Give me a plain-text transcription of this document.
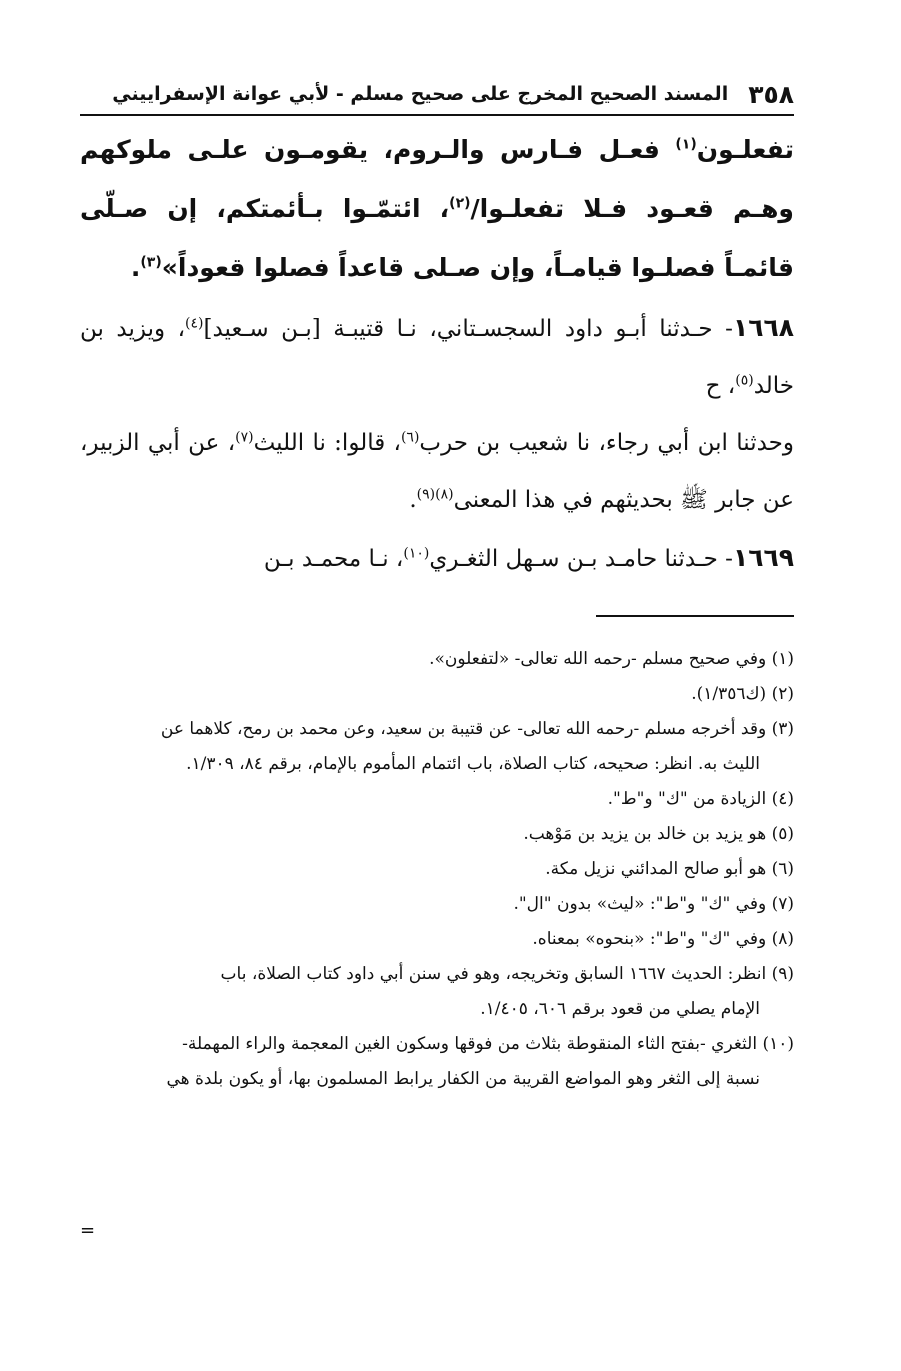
٣٥٨
المسند الصحيح المخرج على صحيح مسلم - لأبي عوانة الإسفراييني

تفعلـون$^{(١)}$ فعـل فـارس والـروم، يقومـون علـى ملوكهم وهـم قعـود فـلا تفعلـوا/$^{(٢)}$، ائتمّـوا بـأئمتكم، إن صـلّى قائمـاً فصلـوا قيامـاً، وإن صـلى قاعداً فصلوا قعوداً»$^{(٣)}$.

١٦٦٨- حـدثنا أبـو داود السجسـتاني، نـا قتيبـة [بـن سـعيد]$^{(٤)}$، ويزيد بن خالد$^{(٥)}$، ح

وحدثنا ابن أبي رجاء، نا شعيب بن حرب$^{(٦)}$، قالوا: نا الليث$^{(٧)}$، عن أبي الزبير، عن جابر ﷺ بحديثهم في هذا المعنى$^{(٨)(٩)}$.

١٦٦٩- حـدثنا حامـد بـن سـهل الثغـري$^{(١٠)}$، نـا محمـد بـن

(١) وفي صحيح مسلم -رحمه الله تعالى- «لتفعلون».

(٢) (ك١/٣٥٦).

(٣) وقد أخرجه مسلم -رحمه الله تعالى- عن قتيبة بن سعيد، وعن محمد بن رمح، كلاهما عن

الليث به. انظر: صحيحه، كتاب الصلاة، باب ائتمام المأموم بالإمام، برقم ٨٤، ١/٣٠٩.

(٤) الزيادة من "ك" و"ط".

(٥) هو يزيد بن خالد بن يزيد بن مَوْهب.

(٦) هو أبو صالح المدائني نزيل مكة.

(٧) وفي "ك" و"ط": «ليث» بدون "ال".

(٨) وفي "ك" و"ط": «بنحوه» بمعناه.

(٩) انظر: الحديث ١٦٦٧ السابق وتخريجه، وهو في سنن أبي داود كتاب الصلاة، باب

الإمام يصلي من قعود برقم ٦٠٦، ١/٤٠٥.

(١٠) الثغري -بفتح الثاء المنقوطة بثلاث من فوقها وسكون الغين المعجمة والراء المهملة-

نسبة إلى الثغر وهو المواضع القريبة من الكفار يرابط المسلمون بها، أو يكون بلدة هي

=
